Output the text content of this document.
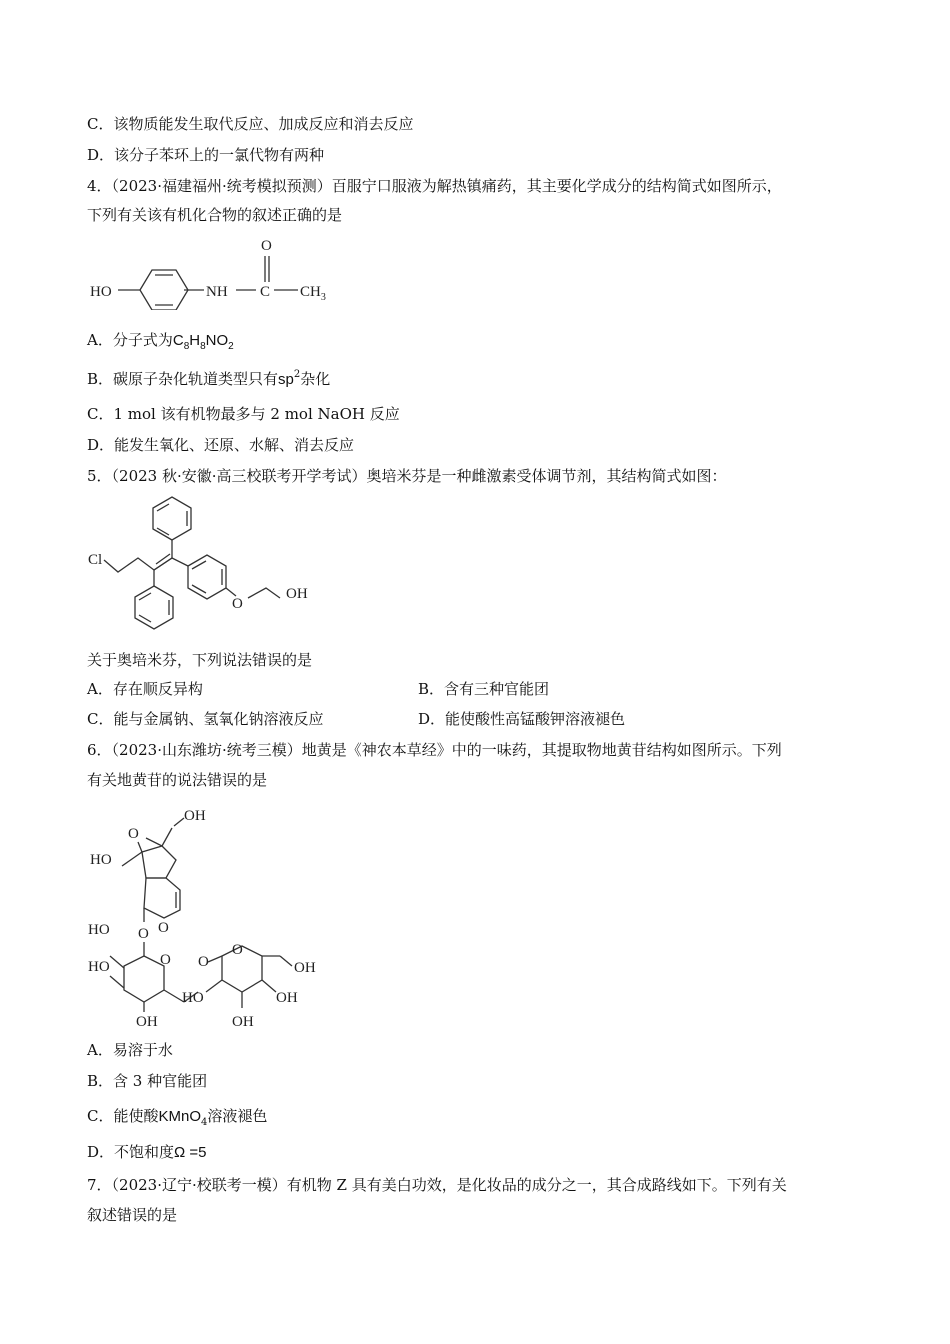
C．该物质能发生取代反应、加成反应和消去反应
D．该分子苯环上的一氯代物有两种
4．（2023·福建福州·统考模拟预测）百服宁口服液为解热镇痛药，其主要化学成分的结构简式如图所示，
下列有关该有机化合物的叙述正确的是
HO	NH C
O
$CH_3$
A．分子式为$C_8H_8NO_2$
B．碳原子杂化轨道类型只有$sp^2$杂化
C．1 mol 该有机物最多与 2 mol NaOH 反应
D．能发生氧化、还原、水解、消去反应
5．（2023 秋·安徽·高三校联考开学考试）奥培米芬是一种雌激素受体调节剂，其结构简式如图：
Cl
O
OH
关于奥培米芬，下列说法错误的是
A．存在顺反异构	B．含有三种官能团
C．能与金属钠、氢氧化钠溶液反应	D．能使酸性高锰酸钾溶液褪色
6．（2023·山东潍坊·统考三模）地黄是《神农本草经》中的一味药，其提取物地黄苷结构如图所示。下列
有关地黄苷的说法错误的是
O
OH
HO
O
O
O
HO
HO
OH
O
O
OH
OH
OH
HO
A．易溶于水
B．含 3 种官能团
C．能使酸KMnO$_4$溶液褪色
D．不饱和度Ω =5
7．（2023·辽宁·校联考一模）有机物 Z 具有美白功效，是化妆品的成分之一，其合成路线如下。下列有关
叙述错误的是
